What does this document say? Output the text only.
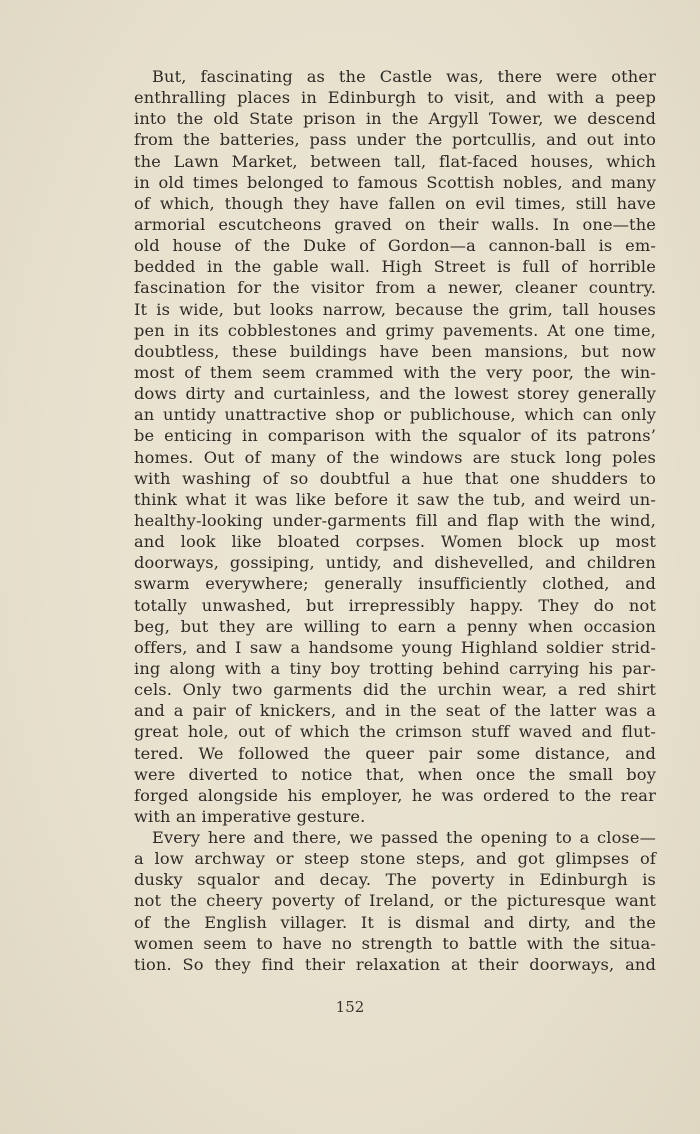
But, fascinating as the Castle was, there were other
enthralling places in Edinburgh to visit, and with a peep
into the old State prison in the Argyll Tower, we descend
from the batteries, pass under the portcullis, and out into
the Lawn Market, between tall, flat-faced houses, which
in old times belonged to famous Scottish nobles, and many
of which, though they have fallen on evil times, still have
armorial escutcheons graved on their walls. In one—the
old house of the Duke of Gordon—a cannon-ball is em-
bedded in the gable wall. High Street is full of horrible
fascination for the visitor from a newer, cleaner country.
It is wide, but looks narrow, because the grim, tall houses
pen in its cobblestones and grimy pavements. At one time,
doubtless, these buildings have been mansions, but now
most of them seem crammed with the very poor, the win-
dows dirty and curtainless, and the lowest storey generally
an untidy unattractive shop or publichouse, which can only
be enticing in comparison with the squalor of its patrons’
homes. Out of many of the windows are stuck long poles
with washing of so doubtful a hue that one shudders to
think what it was like before it saw the tub, and weird un-
healthy-looking under-garments fill and flap with the wind,
and look like bloated corpses. Women block up most
doorways, gossiping, untidy, and dishevelled, and children
swarm everywhere; generally insufficiently clothed, and
totally unwashed, but irrepressibly happy. They do not
beg, but they are willing to earn a penny when occasion
offers, and I saw a handsome young Highland soldier strid-
ing along with a tiny boy trotting behind carrying his par-
cels. Only two garments did the urchin wear, a red shirt
and a pair of knickers, and in the seat of the latter was a
great hole, out of which the crimson stuff waved and flut-
tered. We followed the queer pair some distance, and
were diverted to notice that, when once the small boy
forged alongside his employer, he was ordered to the rear
with an imperative gesture.
Every here and there, we passed the opening to a close—
a low archway or steep stone steps, and got glimpses of
dusky squalor and decay. The poverty in Edinburgh is
not the cheery poverty of Ireland, or the picturesque want
of the English villager. It is dismal and dirty, and the
women seem to have no strength to battle with the situa-
tion. So they find their relaxation at their doorways, and
152
